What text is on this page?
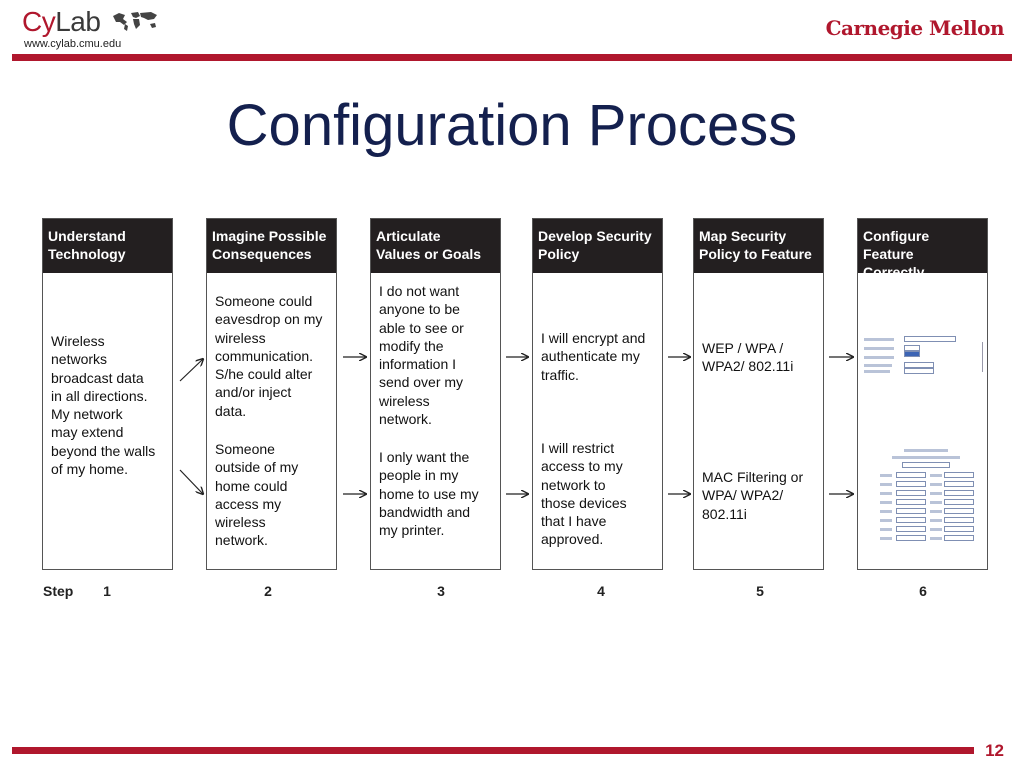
CyLab
www.cylab.cmu.edu
Carnegie Mellon
Configuration Process
Understand
Technology
Wireless
networks
broadcast data
in all directions.
My network
may extend
beyond the walls
of my home.
Imagine Possible
Consequences
Someone could
eavesdrop on my
wireless
communication.
S/he could alter
and/or inject
data.
Someone
outside of my
home could
access my
wireless
network.
Articulate
Values or Goals
I do not want
anyone to be
able to see or
modify the
information I
send over my
wireless
network.
I only want the
people in my
home to use my
bandwidth and
my printer.
Develop Security
Policy
I will encrypt and
authenticate my
traffic.
I will restrict
access to my
network to
those devices
that I have
approved.
Map Security
Policy to Feature
WEP / WPA /
WPA2/ 802.11i
MAC Filtering or
WPA/ WPA2/
802.11i
Configure Feature
Correctly
Step	1	2	3	4	5	6
12
